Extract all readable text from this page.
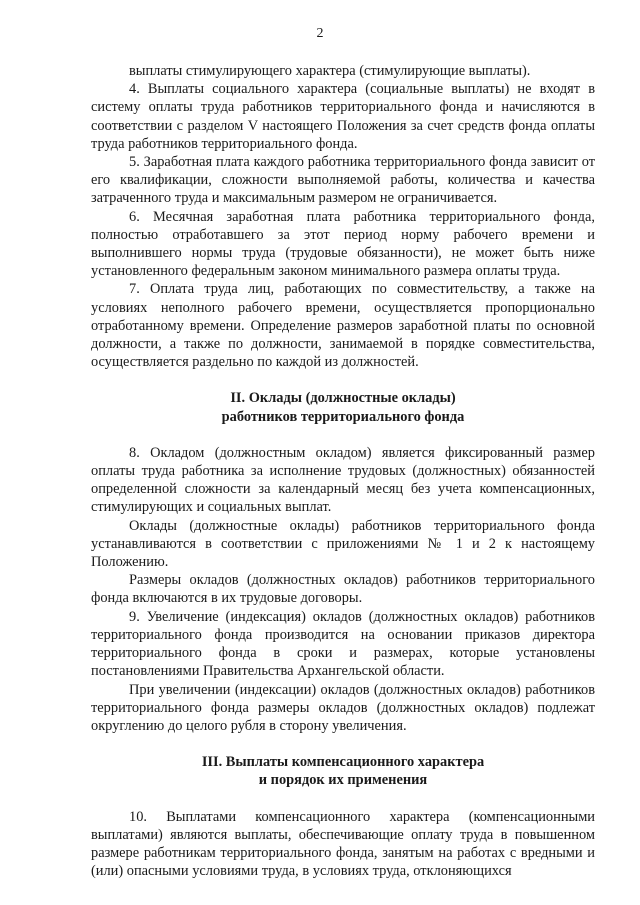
2

выплаты стимулирующего характера (стимулирующие выплаты).

4. Выплаты социального характера (социальные выплаты) не входят в систему оплаты труда работников территориального фонда и начисляются в соответствии с разделом V настоящего Положения за счет средств фонда оплаты труда работников территориального фонда.

5. Заработная плата каждого работника территориального фонда зависит от его квалификации, сложности выполняемой работы, количества и качества затраченного труда и максимальным размером не ограничивается.

6. Месячная заработная плата работника территориального фонда, полностью отработавшего за этот период норму рабочего времени и выполнившего нормы труда (трудовые обязанности), не может быть ниже установленного федеральным законом минимального размера оплаты труда.

7. Оплата труда лиц, работающих по совместительству, а также на условиях неполного рабочего времени, осуществляется пропорционально отработанному времени. Определение размеров заработной платы по основной должности, а также по должности, занимаемой в порядке совместительства, осуществляется раздельно по каждой из должностей.

II. Оклады (должностные оклады)

работников территориального фонда

8. Окладом (должностным окладом) является фиксированный размер оплаты труда работника за исполнение трудовых (должностных) обязанностей определенной сложности за календарный месяц без учета компенсационных, стимулирующих и социальных выплат.

Оклады (должностные оклады) работников территориального фонда устанавливаются в соответствии с приложениями № 1 и 2 к настоящему Положению.

Размеры окладов (должностных окладов) работников территориального фонда включаются в их трудовые договоры.

9. Увеличение (индексация) окладов (должностных окладов) работников территориального фонда производится на основании приказов директора территориального фонда в сроки и размерах, которые установлены постановлениями Правительства Архангельской области.

При увеличении (индексации) окладов (должностных окладов) работников территориального фонда размеры окладов (должностных окладов) подлежат округлению до целого рубля в сторону увеличения.

III. Выплаты компенсационного характера

и порядок их применения

10. Выплатами компенсационного характера (компенсационными выплатами) являются выплаты, обеспечивающие оплату труда в повышенном размере работникам территориального фонда, занятым на работах с вредными и (или) опасными условиями труда, в условиях труда, отклоняющихся
